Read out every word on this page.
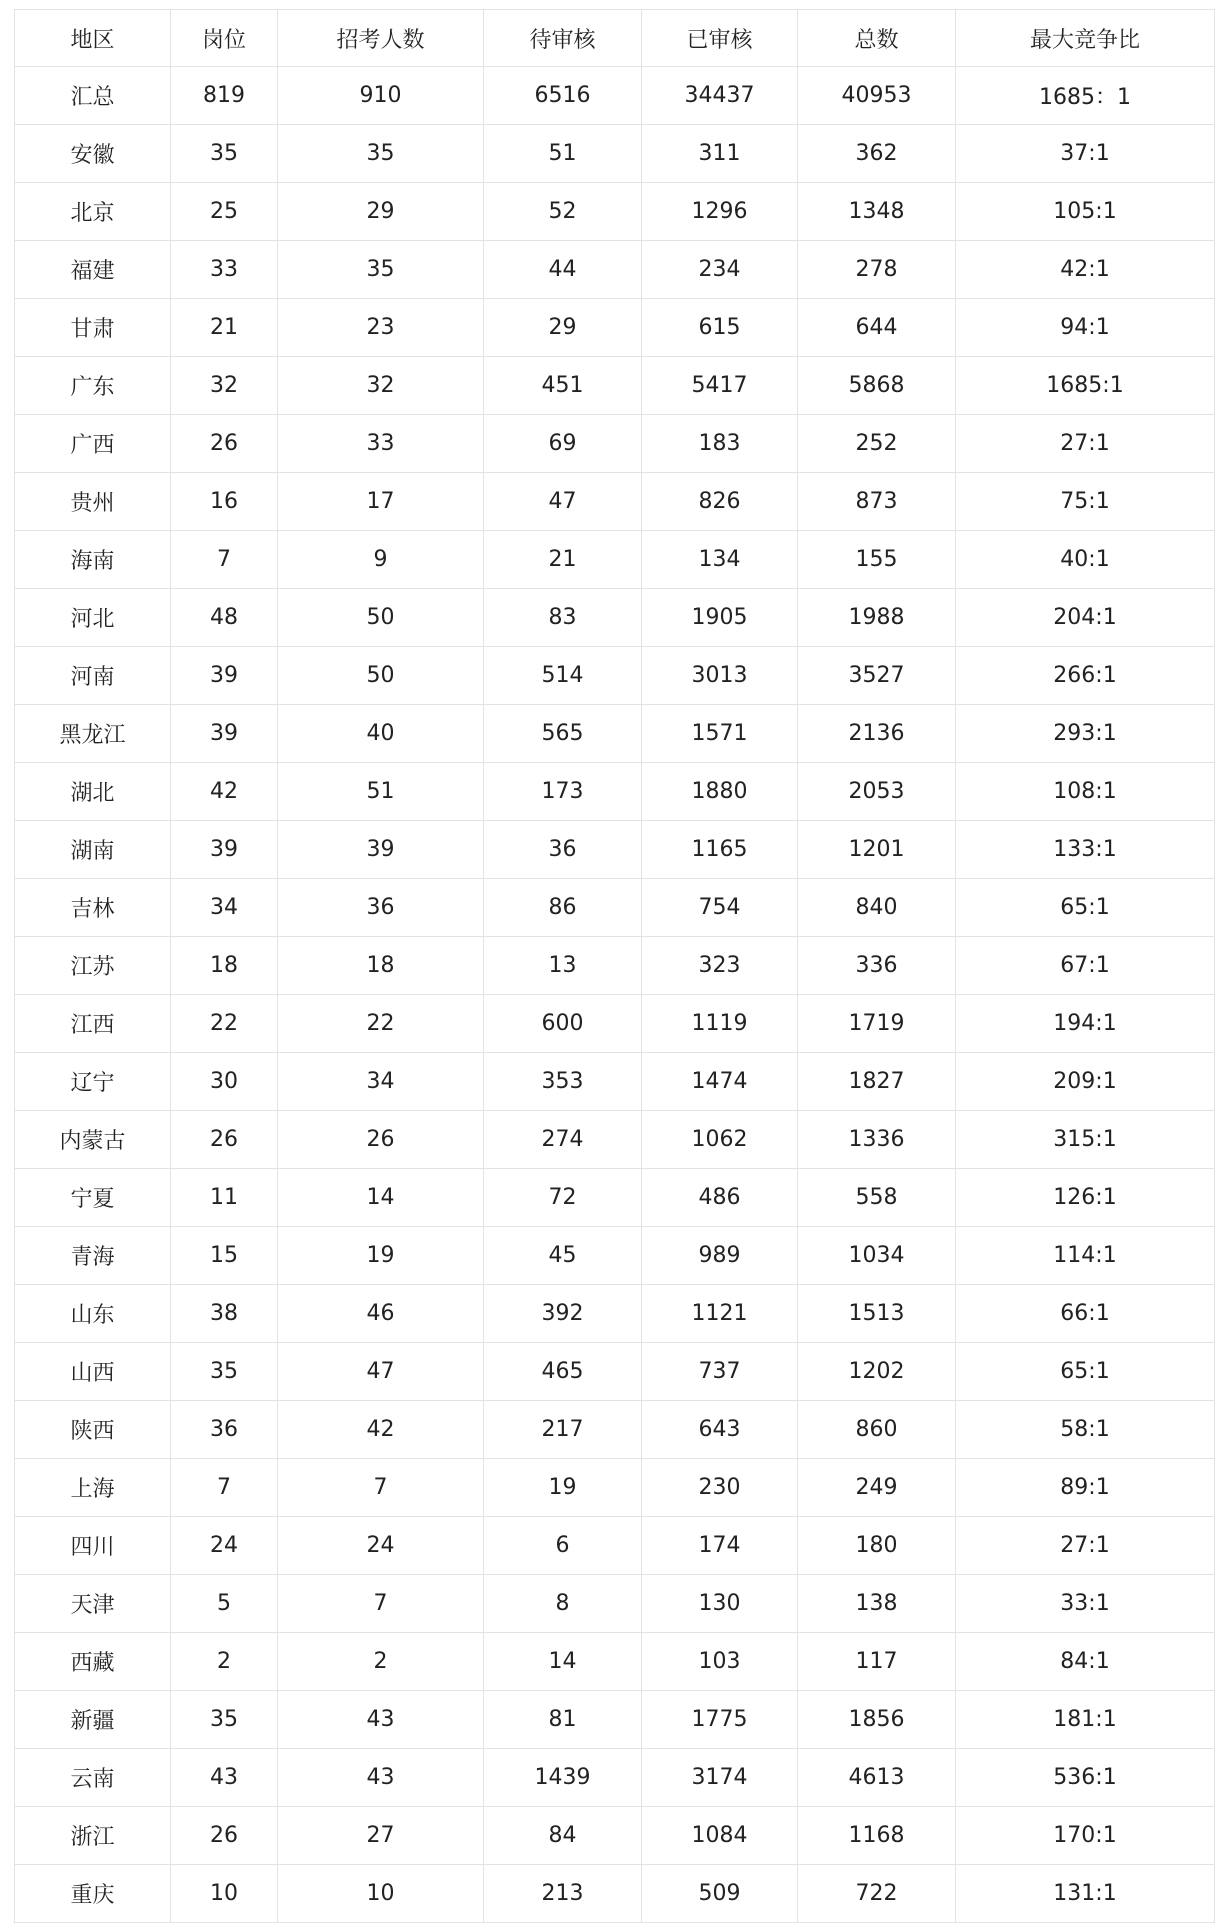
地区	岗位	招考人数	待审核	已审核	总数	最大竞争比
汇总	819	910	6516	34437	40953	1685：1
安徽	35	35	51	311	362	37:1
北京	25	29	52	1296	1348	105:1
福建	33	35	44	234	278	42:1
甘肃	21	23	29	615	644	94:1
广东	32	32	451	5417	5868	1685:1
广西	26	33	69	183	252	27:1
贵州	16	17	47	826	873	75:1
海南	7	9	21	134	155	40:1
河北	48	50	83	1905	1988	204:1
河南	39	50	514	3013	3527	266:1
黑龙江	39	40	565	1571	2136	293:1
湖北	42	51	173	1880	2053	108:1
湖南	39	39	36	1165	1201	133:1
吉林	34	36	86	754	840	65:1
江苏	18	18	13	323	336	67:1
江西	22	22	600	1119	1719	194:1
辽宁	30	34	353	1474	1827	209:1
内蒙古	26	26	274	1062	1336	315:1
宁夏	11	14	72	486	558	126:1
青海	15	19	45	989	1034	114:1
山东	38	46	392	1121	1513	66:1
山西	35	47	465	737	1202	65:1
陕西	36	42	217	643	860	58:1
上海	7	7	19	230	249	89:1
四川	24	24	6	174	180	27:1
天津	5	7	8	130	138	33:1
西藏	2	2	14	103	117	84:1
新疆	35	43	81	1775	1856	181:1
云南	43	43	1439	3174	4613	536:1
浙江	26	27	84	1084	1168	170:1
重庆	10	10	213	509	722	131:1
